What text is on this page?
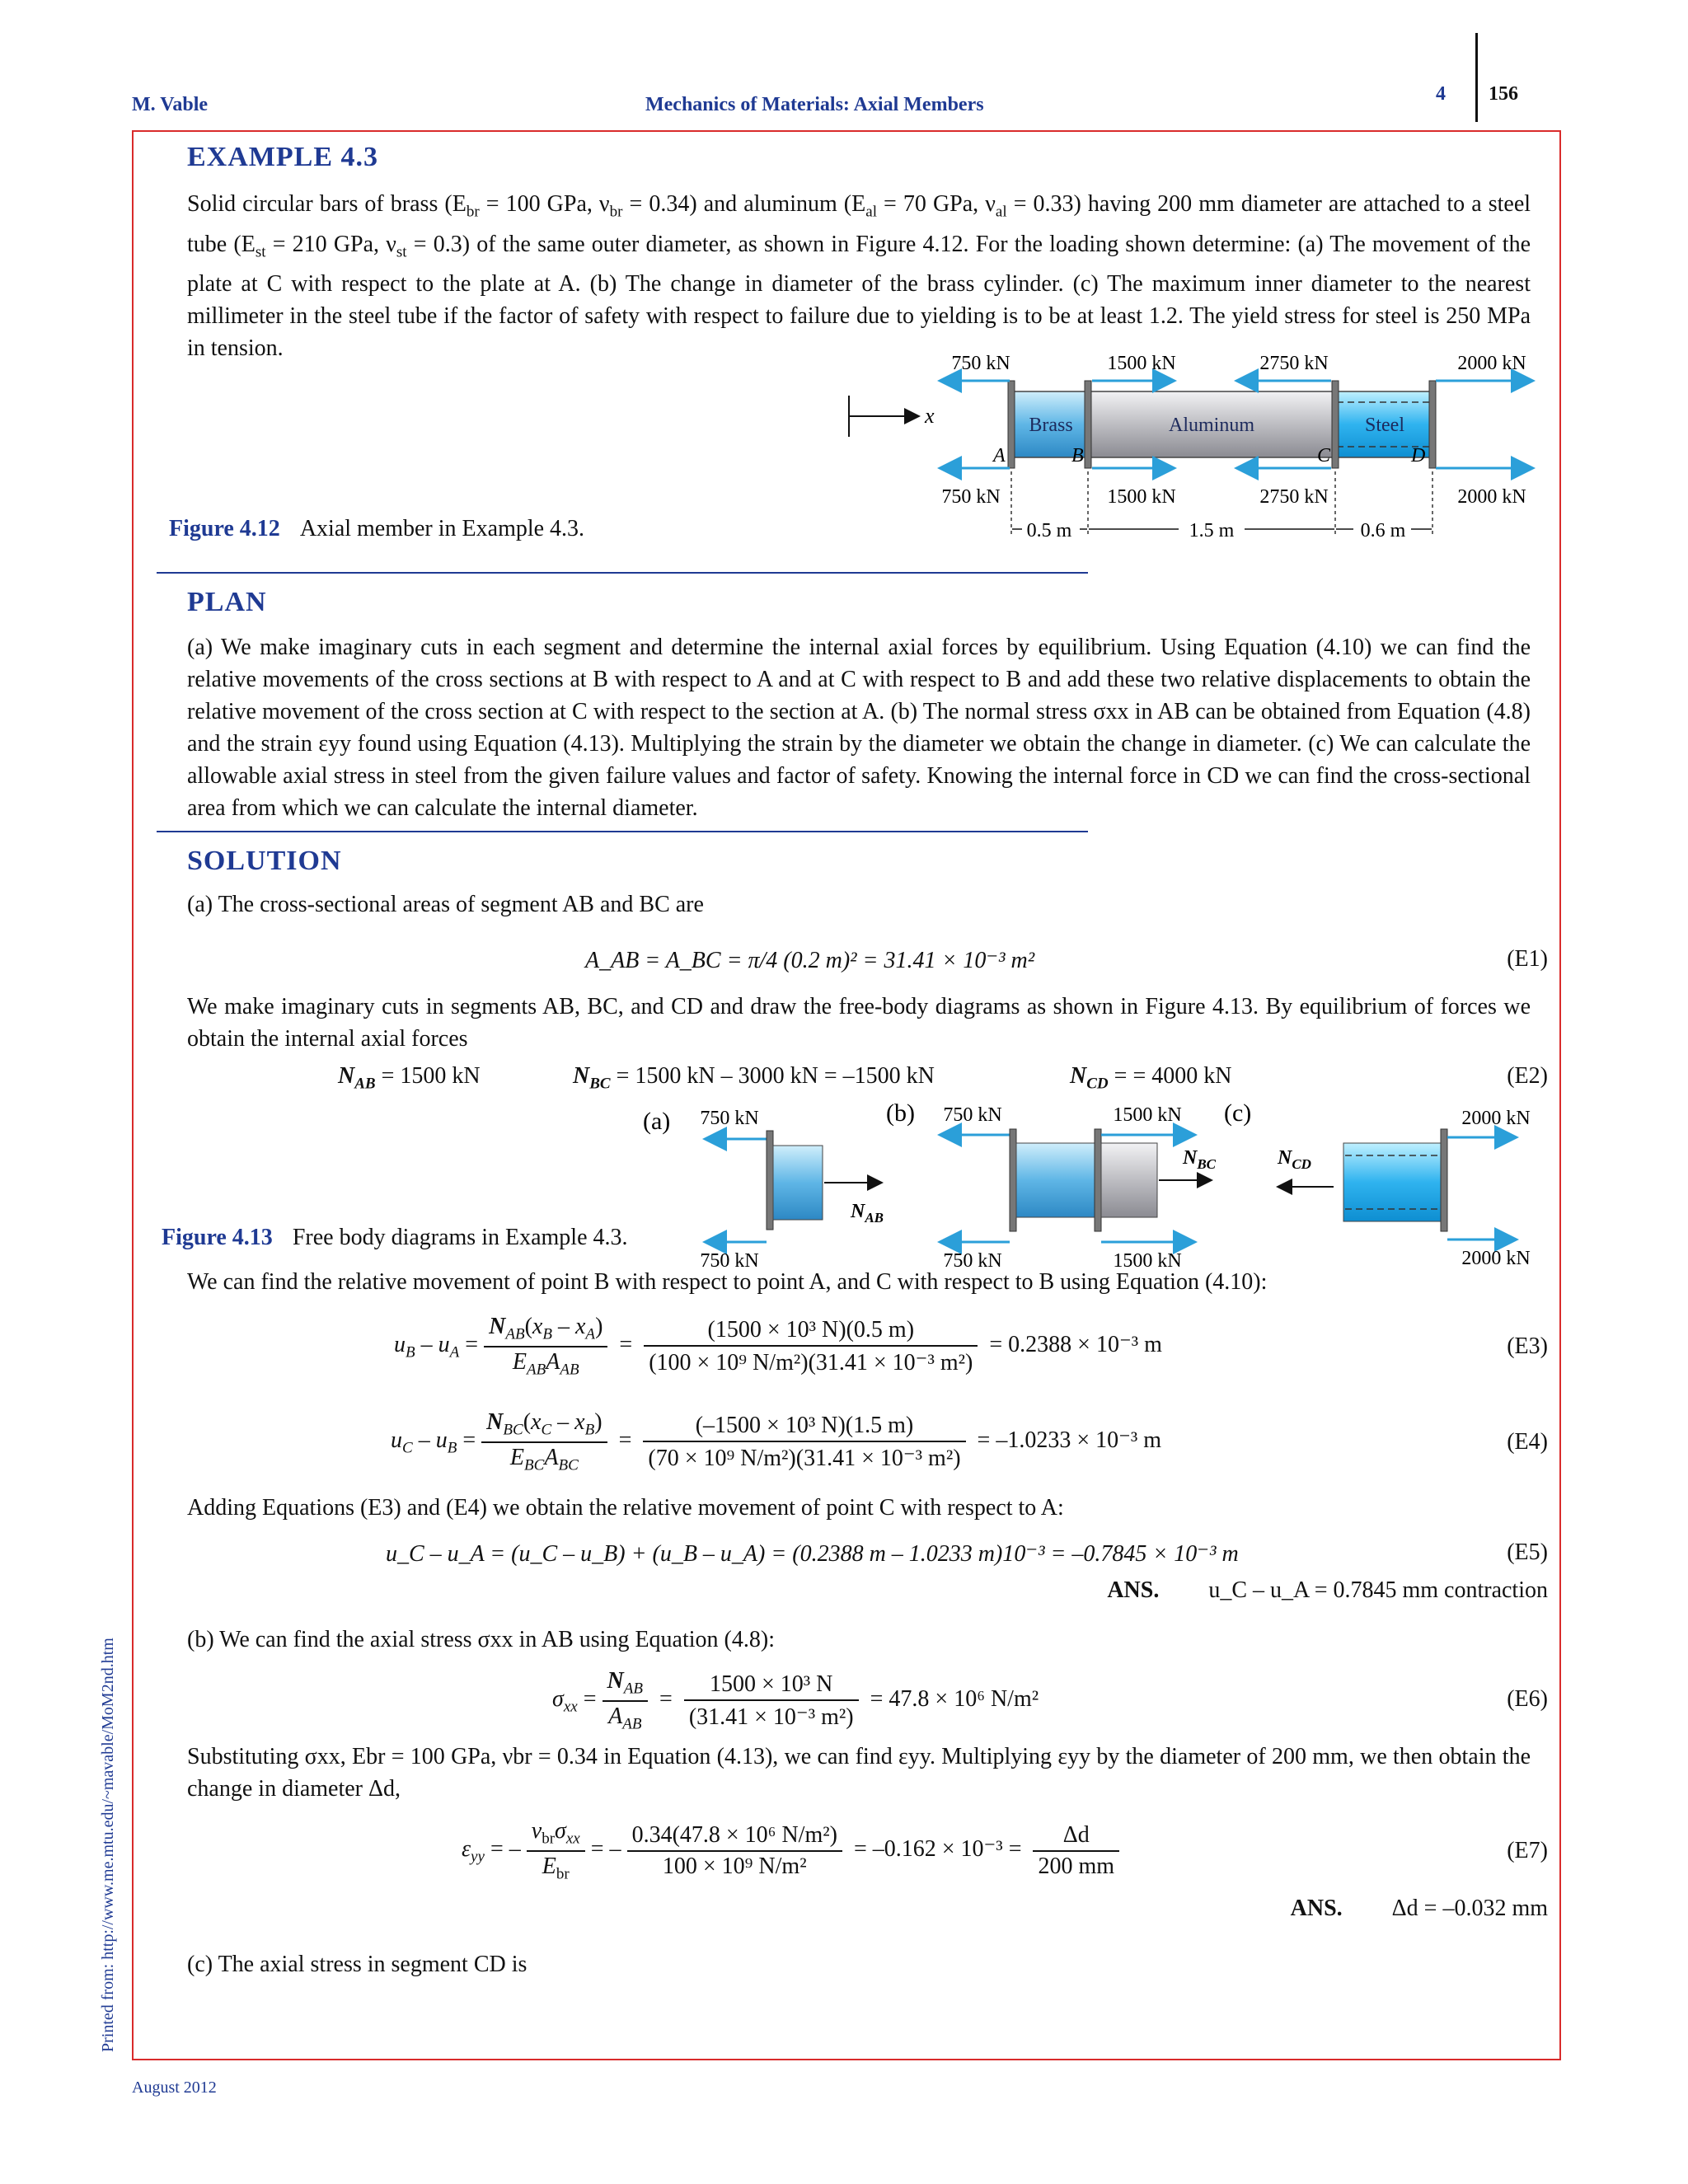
M. Vable	Mechanics of Materials: Axial Members	4 156
EXAMPLE 4.3
Solid circular bars of brass ($E_{br} = 100$ GPa, $\nu_{br} = 0.34$) and aluminum ($E_{al} = 70$ GPa, $\nu_{al} = 0.33$) having 200 mm diameter are attached to a steel tube ($E_{st} = 210$ GPa, $\nu_{st} = 0.3$) of the same outer diameter, as shown in Figure 4.12. For the loading shown determine: (a) The movement of the plate at C with respect to the plate at A. (b) The change in diameter of the brass cylinder. (c) The maximum inner diameter to the nearest millimeter in the steel tube if the factor of safety with respect to failure due to yielding is to be at least 1.2. The yield stress for steel is 250 MPa in tension.
x	Brass	Aluminum	Steel
A	B	C	D
750 kN	1500 kN	2750 kN	2000 kN
750 kN	1500 kN	2750 kN	2000 kN
0.5 m	1.5 m	0.6 m
Figure 4.12 Axial member in Example 4.3.
PLAN
(a) We make imaginary cuts in each segment and determine the internal axial forces by equilibrium. Using Equation (4.10) we can find the relative movements of the cross sections at B with respect to A and at C with respect to B and add these two relative displacements to obtain the relative movement of the cross section at C with respect to the section at A. (b) The normal stress σxx in AB can be obtained from Equation (4.8) and the strain εyy found using Equation (4.13). Multiplying the strain by the diameter we obtain the change in diameter. (c) We can calculate the allowable axial stress in steel from the given failure values and factor of safety. Knowing the internal force in CD we can find the cross-sectional area from which we can calculate the internal diameter.
SOLUTION
(a) The cross-sectional areas of segment AB and BC are
A_AB = A_BC = π/4 (0.2 m)² = 31.41 × 10⁻³ m²	(E1)
We make imaginary cuts in segments AB, BC, and CD and draw the free-body diagrams as shown in Figure 4.13. By equilibrium of forces we obtain the internal axial forces
$N_{AB} = 1500$ kN	$N_{BC} = 1500$ kN – 3000 kN = –1500 kN	$N_{CD}$ = = 4000 kN	(E2)
(a) 750 kN
$N_{AB}$
750 kN
(b) 750 kN	1500 kN
$N_{BC}$
750 kN	1500 kN
(c)
$N_{CD}$
2000 kN
2000 kN
Figure 4.13 Free body diagrams in Example 4.3.
We can find the relative movement of point B with respect to point A, and C with respect to B using Equation (4.10):
$u_B - u_A = \frac{N_{AB}(x_B - x_A)}{E_{AB}A_{AB}} = \frac{\text{(1500 × 10³ N)(0.5 m)}}{\text{(100 × 10⁹ N/m²)(31.41 × 10⁻³ m²)}} = 0.2388 \times 10^{-3}$ m	(E3)
$u_C - u_B = \frac{N_{BC}(x_C - x_B)}{E_{BC}A_{BC}} = \frac{\text{(–1500 × 10³ N)(1.5 m)}}{\text{(70 × 10⁹ N/m²)(31.41 × 10⁻³ m²)}} = -1.0233 \times 10^{-3}$ m	(E4)
Adding Equations (E3) and (E4) we obtain the relative movement of point C with respect to A:
u_C – u_A = (u_C – u_B) + (u_B – u_A) = (0.2388 m – 1.0233 m)10⁻³ = –0.7845 × 10⁻³ m	(E5)
ANS. u_C – u_A = 0.7845 mm contraction
(b) We can find the axial stress σxx in AB using Equation (4.8):
$\sigma_{xx} = \frac{N_{AB}}{A_{AB}} = \frac{\text{1500 × 10³ N}}{\text{(31.41 × 10⁻³ m²)}} = 47.8 \times 10^6$ N/m²	(E6)
Substituting σxx, Ebr = 100 GPa, νbr = 0.34 in Equation (4.13), we can find εyy. Multiplying εyy by the diameter of 200 mm, we then obtain the change in diameter Δd,
$\varepsilon_{yy}$ = – $\frac{\nu_{br}\sigma_{xx}}{E_{br}}$ = – $\frac{\text{0.34(47.8 × 10⁶ N/m²)}}{\text{100 × 10⁹ N/m²}} = -0.162 \times 10^{-3} = \frac{\Delta d}{200 mm}$	(E7)
ANS. Δd = –0.032 mm
(c) The axial stress in segment CD is
August 2012
Printed from: http://www.me.mtu.edu/~mavable/MoM2nd.htm
